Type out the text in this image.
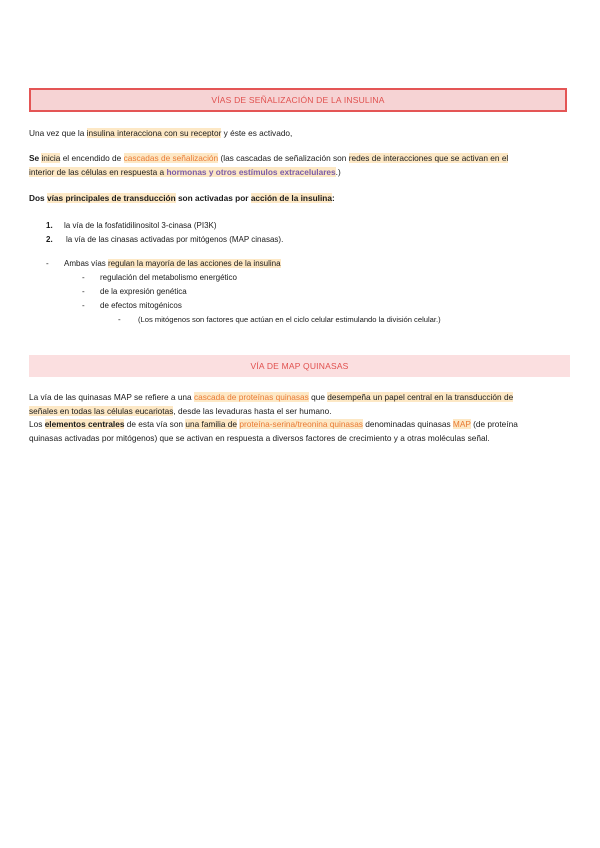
VÍAS DE SEÑALIZACIÓN DE LA INSULINA
Una vez que la insulina interacciona con su receptor y éste es activado,
Se inicia el encendido de cascadas de señalización (las cascadas de señalización son redes de interacciones que se activan en el
interior de las células en respuesta a hormonas y otros estímulos extracelulares.)
Dos vías principales de transducción son activadas por acción de la insulina:
1. la vía de la fosfatidilinositol 3-cinasa (PI3K)
2. la vía de las cinasas activadas por mitógenos (MAP cinasas).
- Ambas vías regulan la mayoría de las acciones de la insulina
- regulación del metabolismo energético
- de la expresión genética
- de efectos mitogénicos
- (Los mitógenos son factores que actúan en el ciclo celular estimulando la división celular.)
VÍA DE MAP QUINASAS
La vía de las quinasas MAP se refiere a una cascada de proteínas quinasas que desempeña un papel central en la transducción de
señales en todas las células eucariotas, desde las levaduras hasta el ser humano.
Los elementos centrales de esta vía son una familia de proteína-serina/treonina quinasas denominadas quinasas MAP (de proteína
quinasas activadas por mitógenos) que se activan en respuesta a diversos factores de crecimiento y a otras moléculas señal.
